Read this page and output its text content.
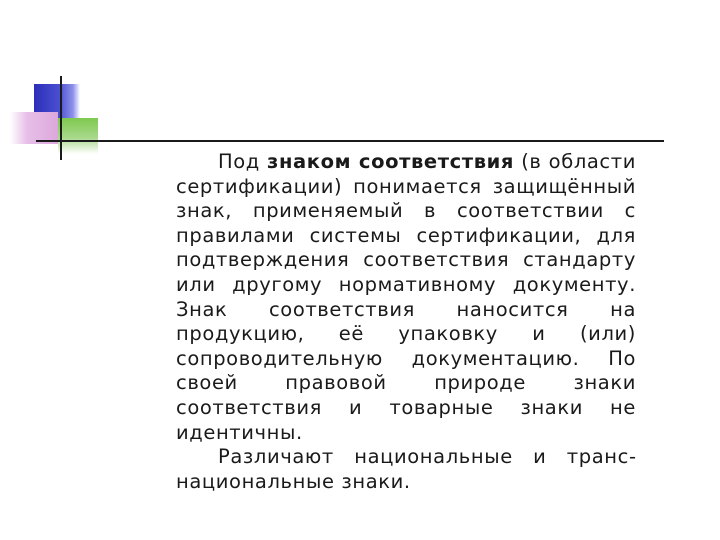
Под знаком соответствия (в области сертификации) понимается защищённый знак, применяемый в соответствии с правилами системы сертификации, для подтверждения соответствия стандарту или другому нормативному документу. Знак соответствия наносится на продукцию, её упаковку и (или) сопроводительную документацию. По своей правовой природе знаки соответствия и товарные знаки не идентичны.

Различают национальные и транснациональные знаки.
